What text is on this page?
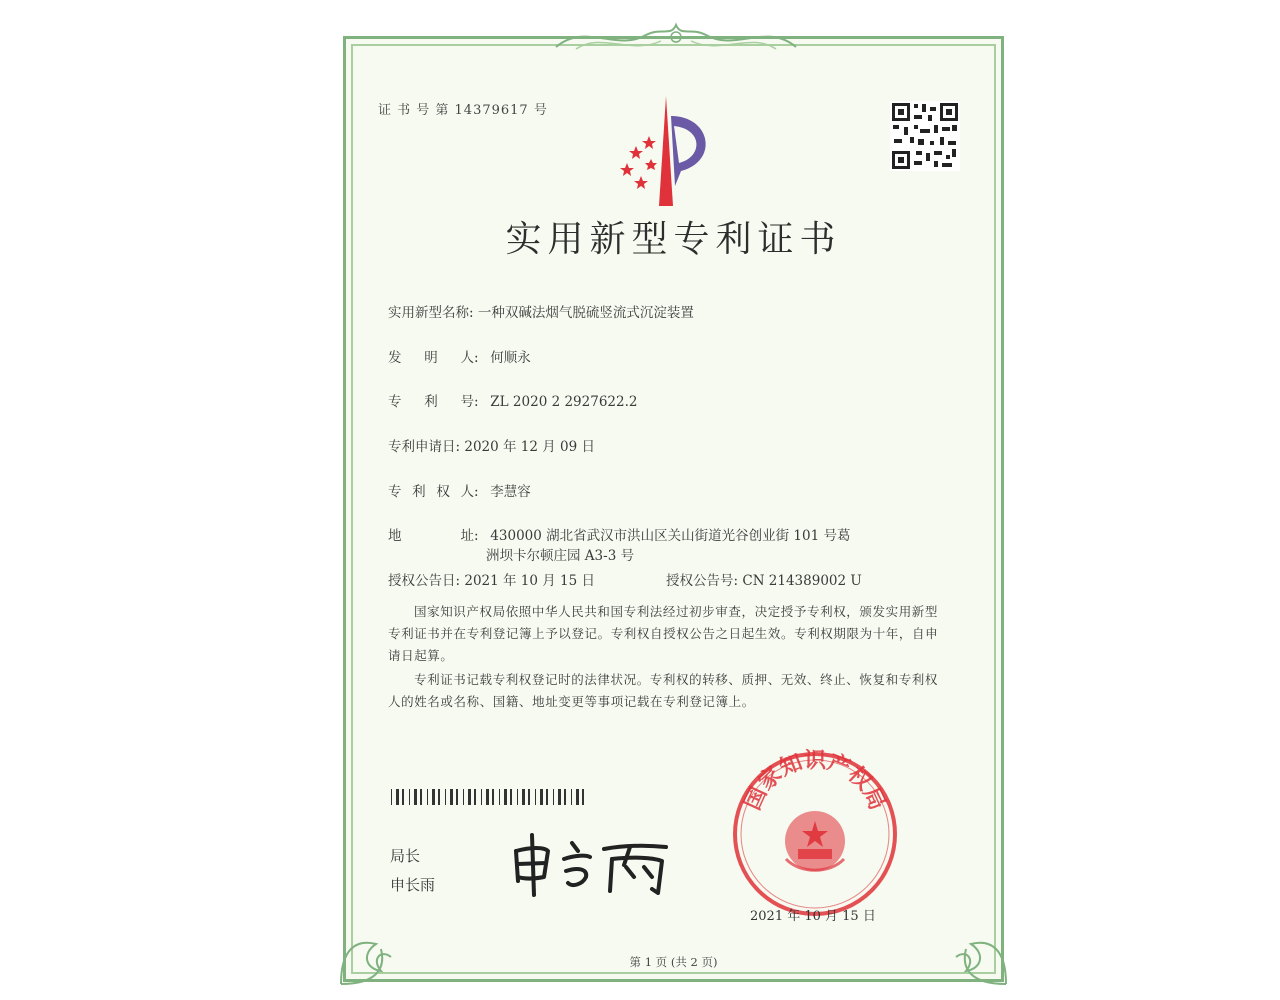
证 书 号 第 14379617 号
实用新型专利证书
实用新型名称: 一种双碱法烟气脱硫竖流式沉淀装置
发 明 人: 何顺永
专 利 号: ZL 2020 2 2927622.2
专利申请日: 2020 年 12 月 09 日
专 利 权 人: 李慧容
地 址: 430000 湖北省武汉市洪山区关山街道光谷创业街 101 号葛
洲坝卡尔顿庄园 A3-3 号
授权公告日: 2021 年 10 月 15 日	授权公告号: CN 214389002 U
国家知识产权局依照中华人民共和国专利法经过初步审查，决定授予专利权，颁发实用新型专利证书并在专利登记簿上予以登记。专利权自授权公告之日起生效。专利权期限为十年，自申请日起算。
专利证书记载专利权登记时的法律状况。专利权的转移、质押、无效、终止、恢复和专利权人的姓名或名称、国籍、地址变更等事项记载在专利登记簿上。
局长
申长雨
国家知识产权局
2021 年 10 月 15 日
第 1 页 (共 2 页)
